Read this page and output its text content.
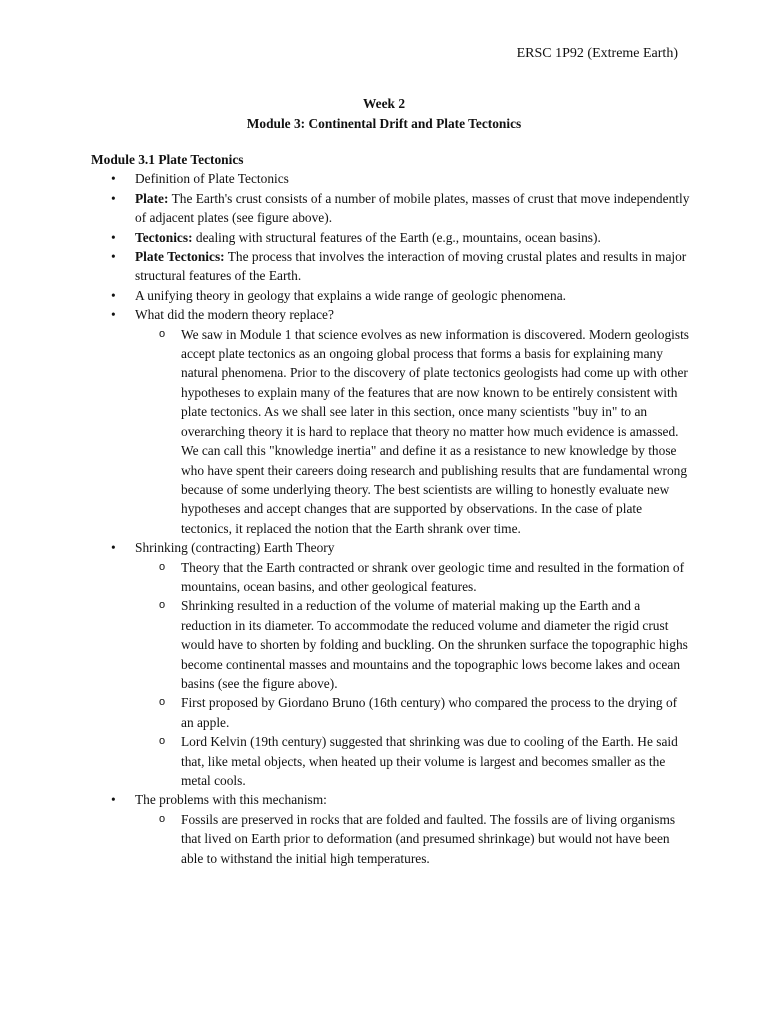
ERSC 1P92 (Extreme Earth)
Week 2
Module 3: Continental Drift and Plate Tectonics

Module 3.1 Plate Tectonics

• Definition of Plate Tectonics
• Plate: The Earth's crust consists of a number of mobile plates, masses of crust that move independently of adjacent plates (see figure above).
• Tectonics: dealing with structural features of the Earth (e.g., mountains, ocean basins).
• Plate Tectonics: The process that involves the interaction of moving crustal plates and results in major structural features of the Earth.
• A unifying theory in geology that explains a wide range of geologic phenomena.
• What did the modern theory replace?
o We saw in Module 1 that science evolves as new information is discovered. Modern geologists accept plate tectonics as an ongoing global process that forms a basis for explaining many natural phenomena. Prior to the discovery of plate tectonics geologists had come up with other hypotheses to explain many of the features that are now known to be entirely consistent with plate tectonics. As we shall see later in this section, once many scientists "buy in" to an overarching theory it is hard to replace that theory no matter how much evidence is amassed. We can call this "knowledge inertia" and define it as a resistance to new knowledge by those who have spent their careers doing research and publishing results that are fundamental wrong because of some underlying theory. The best scientists are willing to honestly evaluate new hypotheses and accept changes that are supported by observations. In the case of plate tectonics, it replaced the notion that the Earth shrank over time.
• Shrinking (contracting) Earth Theory
o Theory that the Earth contracted or shrank over geologic time and resulted in the formation of mountains, ocean basins, and other geological features.
o Shrinking resulted in a reduction of the volume of material making up the Earth and a reduction in its diameter. To accommodate the reduced volume and diameter the rigid crust would have to shorten by folding and buckling. On the shrunken surface the topographic highs become continental masses and mountains and the topographic lows become lakes and ocean basins (see the figure above).
o First proposed by Giordano Bruno (16th century) who compared the process to the drying of an apple.
o Lord Kelvin (19th century) suggested that shrinking was due to cooling of the Earth. He said that, like metal objects, when heated up their volume is largest and becomes smaller as the metal cools.
• The problems with this mechanism:
o Fossils are preserved in rocks that are folded and faulted. The fossils are of living organisms that lived on Earth prior to deformation (and presumed shrinkage) but would not have been able to withstand the initial high temperatures.
